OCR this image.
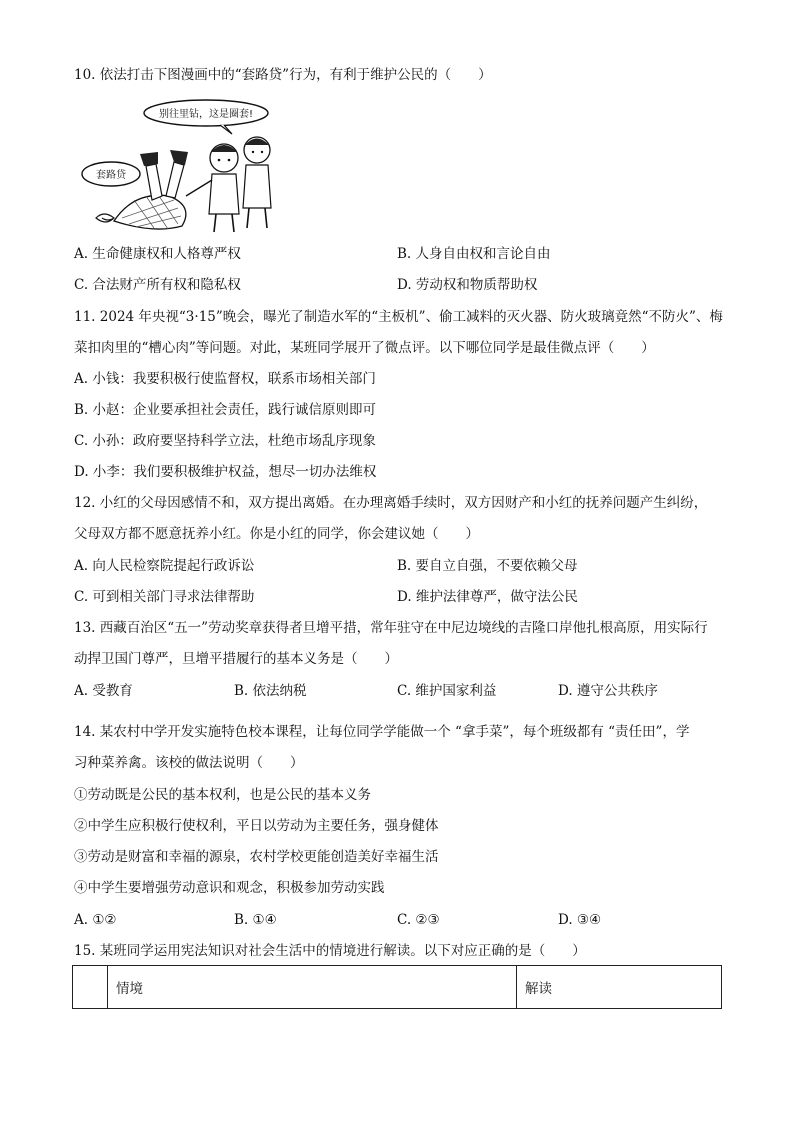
10. 依法打击下图漫画中的“套路贷”行为，有利于维护公民的（　　）
别往里钻，这是圈套!
套路贷
A. 生命健康权和人格尊严权	B. 人身自由权和言论自由
C. 合法财产所有权和隐私权	D. 劳动权和物质帮助权
11. 2024 年央视“3·15”晚会，曝光了制造水军的“主板机”、偷工减料的灭火器、防火玻璃竟然“不防火”、梅
菜扣肉里的“槽心肉”等问题。对此，某班同学展开了微点评。以下哪位同学是最佳微点评（　　）
A. 小钱：我要积极行使监督权，联系市场相关部门
B. 小赵：企业要承担社会责任，践行诚信原则即可
C. 小孙：政府要坚持科学立法，杜绝市场乱序现象
D. 小李：我们要积极维护权益，想尽一切办法维权
12. 小红的父母因感情不和，双方提出离婚。在办理离婚手续时，双方因财产和小红的抚养问题产生纠纷，
父母双方都不愿意抚养小红。你是小红的同学，你会建议她（　　）
A. 向人民检察院提起行政诉讼	B. 要自立自强，不要依赖父母
C. 可到相关部门寻求法律帮助	D. 维护法律尊严，做守法公民
13. 西藏百治区“五一”劳动奖章获得者旦增平措，常年驻守在中尼边境线的吉隆口岸他扎根高原，用实际行
动捍卫国门尊严，旦增平措履行的基本义务是（　　）
A. 受教育	B. 依法纳税	C. 维护国家利益	D. 遵守公共秩序
14. 某农村中学开发实施特色校本课程，让每位同学学能做一个 “拿手菜”，每个班级都有 “责任田”，学
习种菜养禽。该校的做法说明（　　）
①劳动既是公民的基本权利，也是公民的基本义务
②中学生应积极行使权利，平日以劳动为主要任务，强身健体
③劳动是财富和幸福的源泉，农村学校更能创造美好幸福生活
④中学生要增强劳动意识和观念，积极参加劳动实践
A. ①②	B. ①④	C. ②③	D. ③④
15. 某班同学运用宪法知识对社会生活中的情境进行解读。以下对应正确的是（　　）
	情境	解读
